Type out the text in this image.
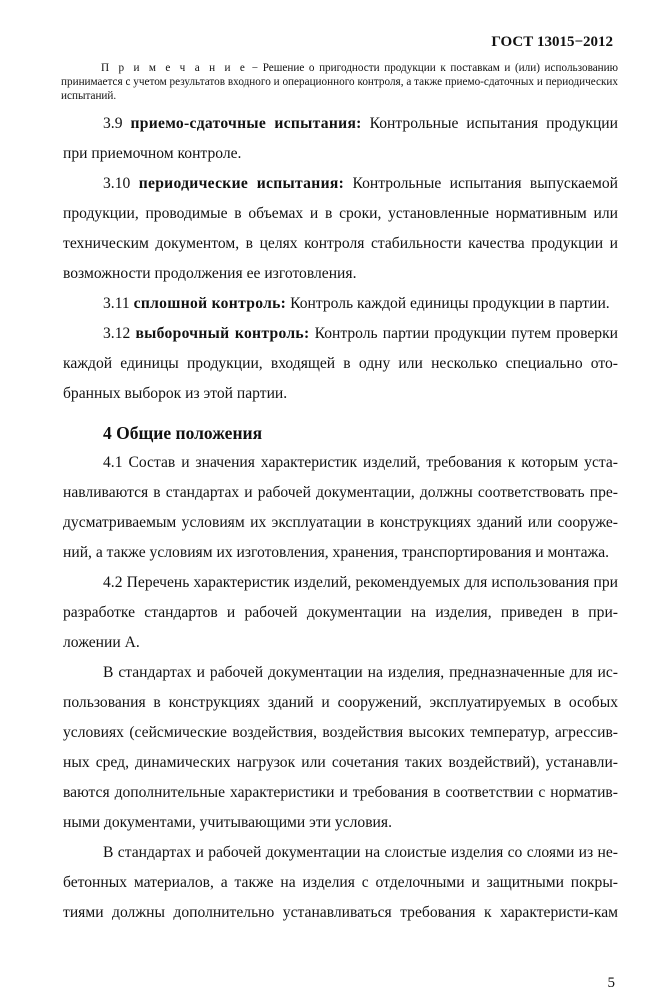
ГОСТ 13015−2012

П р и м е ч а н и е − Решение о пригодности продукции к поставкам и (или) использованию принимается с учетом результатов входного и операционного контроля, а также приемо-сдаточных и периодических испытаний.

3.9 приемо-сдаточные испытания: Контрольные испытания продукции при приемочном контроле.

3.10 периодические испытания: Контрольные испытания выпускаемой продукции, проводимые в объемах и в сроки, установленные нормативным или техническим документом, в целях контроля стабильности качества продукции и возможности продолжения ее изготовления.

3.11 сплошной контроль: Контроль каждой единицы продукции в партии.

3.12 выборочный контроль: Контроль партии продукции путем проверки каждой единицы продукции, входящей в одну или несколько специально ото-бранных выборок из этой партии.

4 Общие положения

4.1 Состав и значения характеристик изделий, требования к которым уста-навливаются в стандартах и рабочей документации, должны соответствовать пре-дусматриваемым условиям их эксплуатации в конструкциях зданий или сооруже-ний, а также условиям их изготовления, хранения, транспортирования и монтажа.

4.2 Перечень характеристик изделий, рекомендуемых для использования при разработке стандартов и рабочей документации на изделия, приведен в при-ложении А.

В стандартах и рабочей документации на изделия, предназначенные для ис-пользования в конструкциях зданий и сооружений, эксплуатируемых в особых условиях (сейсмические воздействия, воздействия высоких температур, агрессив-ных сред, динамических нагрузок или сочетания таких воздействий), устанавли-ваются дополнительные характеристики и требования в соответствии с норматив-ными документами, учитывающими эти условия.

В стандартах и рабочей документации на слоистые изделия со слоями из не-бетонных материалов, а также на изделия с отделочными и защитными покры-тиями должны дополнительно устанавливаться требования к характеристи-кам

5
